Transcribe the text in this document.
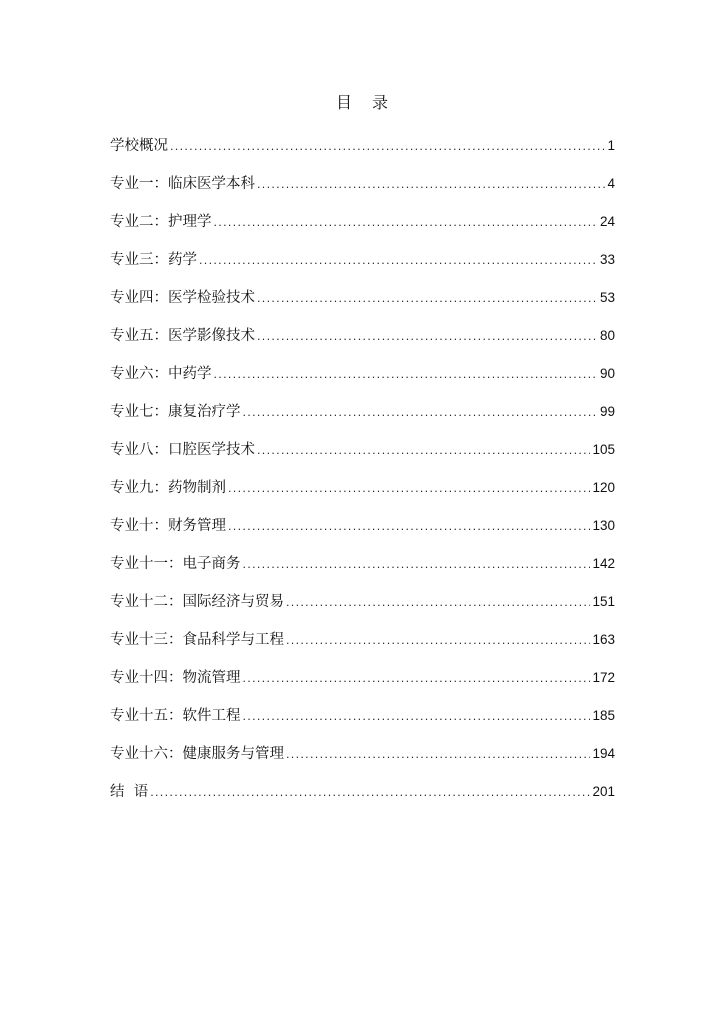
目 录
学校概况 .....	1
专业一：临床医学本科 .....	4
专业二：护理学 .....	24
专业三：药学 .....	33
专业四：医学检验技术 .....	53
专业五：医学影像技术 .....	80
专业六：中药学 .....	90
专业七：康复治疗学 .....	99
专业八：口腔医学技术 .....	105
专业九：药物制剂 .....	120
专业十：财务管理 .....	130
专业十一：电子商务 .....	142
专业十二：国际经济与贸易 .....	151
专业十三：食品科学与工程 .....	163
专业十四：物流管理 .....	172
专业十五：软件工程 .....	185
专业十六：健康服务与管理 .....	194
结  语 .....	201
